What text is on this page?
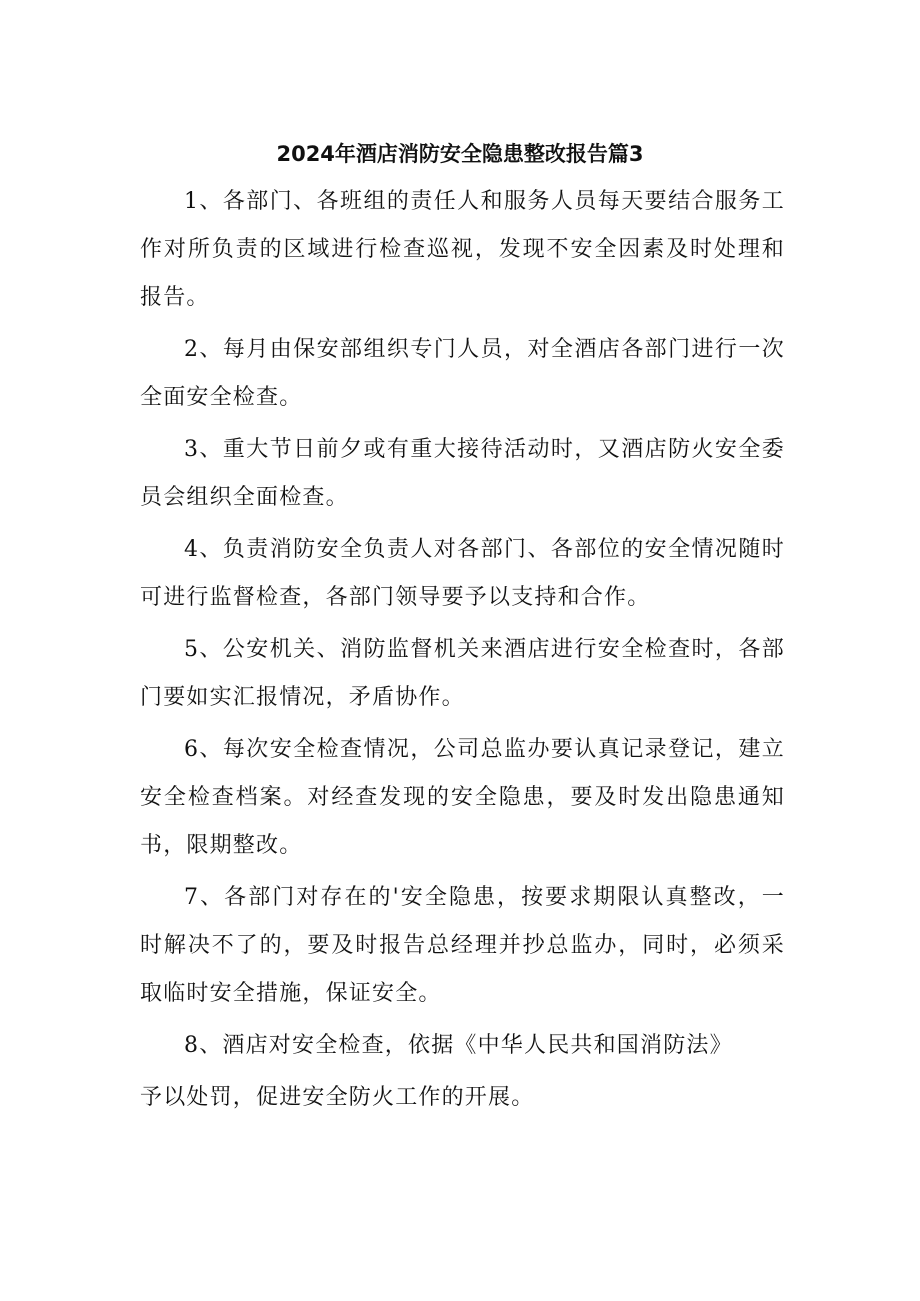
2024年酒店消防安全隐患整改报告篇3

1、各部门、各班组的责任人和服务人员每天要结合服务工作对所负责的区域进行检查巡视，发现不安全因素及时处理和报告。

2、每月由保安部组织专门人员，对全酒店各部门进行一次全面安全检查。

3、重大节日前夕或有重大接待活动时，又酒店防火安全委员会组织全面检查。

4、负责消防安全负责人对各部门、各部位的安全情况随时可进行监督检查，各部门领导要予以支持和合作。

5、公安机关、消防监督机关来酒店进行安全检查时，各部门要如实汇报情况，矛盾协作。

6、每次安全检查情况，公司总监办要认真记录登记，建立安全检查档案。对经查发现的安全隐患，要及时发出隐患通知书，限期整改。

7、各部门对存在的'安全隐患，按要求期限认真整改，一时解决不了的，要及时报告总经理并抄总监办，同时，必须采取临时安全措施，保证安全。

8、酒店对安全检查，依据《中华人民共和国消防法》

予以处罚，促进安全防火工作的开展。
